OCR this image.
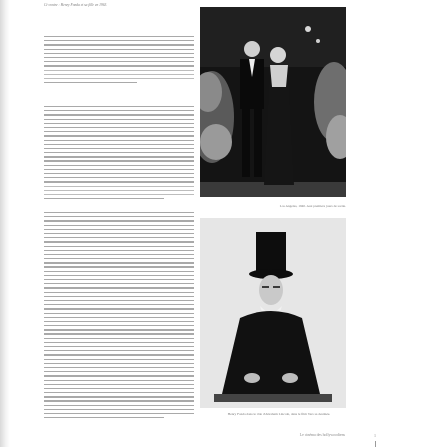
Ci-contre : Henry Fonda et sa fille en 1963.
Los Angeles, 1940. Aux premiers jours de sortie.
Henry Fonda dans le rôle d'Abraham Lincoln, dans le film Vers sa destinée.
Le cinéma des hollywoodiens	1
